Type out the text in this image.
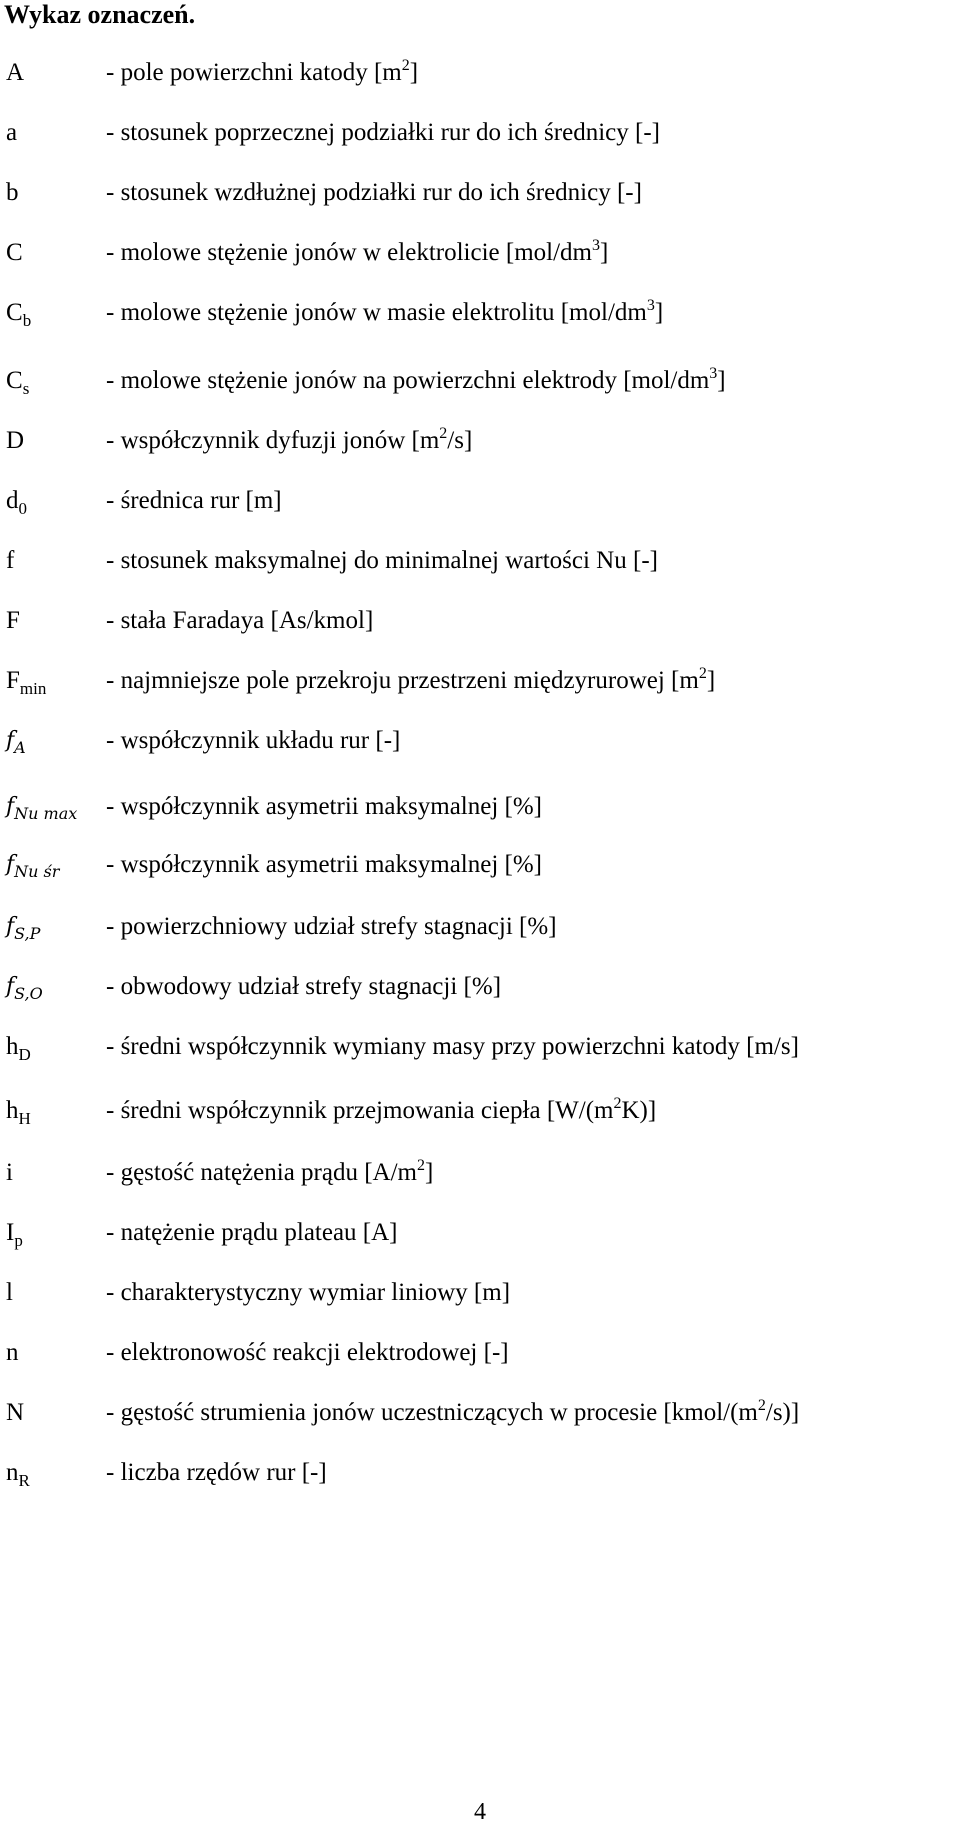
Wykaz oznaczeń.
A	- pole powierzchni katody $[m^2]$
a	- stosunek poprzecznej podziałki rur do ich średnicy [-]
b	- stosunek wzdłużnej podziałki rur do ich średnicy [-]
C	- molowe stężenie jonów w elektrolicie $[mol/dm^3]$
$C_b$	- molowe stężenie jonów w masie elektrolitu $[mol/dm^3]$
$C_s$	- molowe stężenie jonów na powierzchni elektrody $[mol/dm^3]$
D	- współczynnik dyfuzji jonów $[m^2/s]$
$d_0$	- średnica rur [m]
f	- stosunek maksymalnej do minimalnej wartości Nu [-]
F	- stała Faradaya [As/kmol]
$F_{min}$ - najmniejsze pole przekroju przestrzeni międzyrurowej $[m^2]$
$f_A$	- współczynnik układu rur [-]
$f_{Nu max}$ - współczynnik asymetrii maksymalnej [%]
$f_{Nu śr}$ - współczynnik asymetrii maksymalnej [%]
$f_{S,P}$	- powierzchniowy udział strefy stagnacji [%]
$f_{S,O}$	- obwodowy udział strefy stagnacji [%]
$h_D$	- średni współczynnik wymiany masy przy powierzchni katody [m/s]
$h_H$	- średni współczynnik przejmowania ciepła $[W/(m^2K)]$
i	- gęstość natężenia prądu $[A/m^2]$
$I_p$	- natężenie prądu plateau [A]
l	- charakterystyczny wymiar liniowy [m]
n	- elektronowość reakcji elektrodowej [-]
N	- gęstość strumienia jonów uczestniczących w procesie $[kmol/(m^2/s)]$
$n_R$	- liczba rzędów rur [-]
4
